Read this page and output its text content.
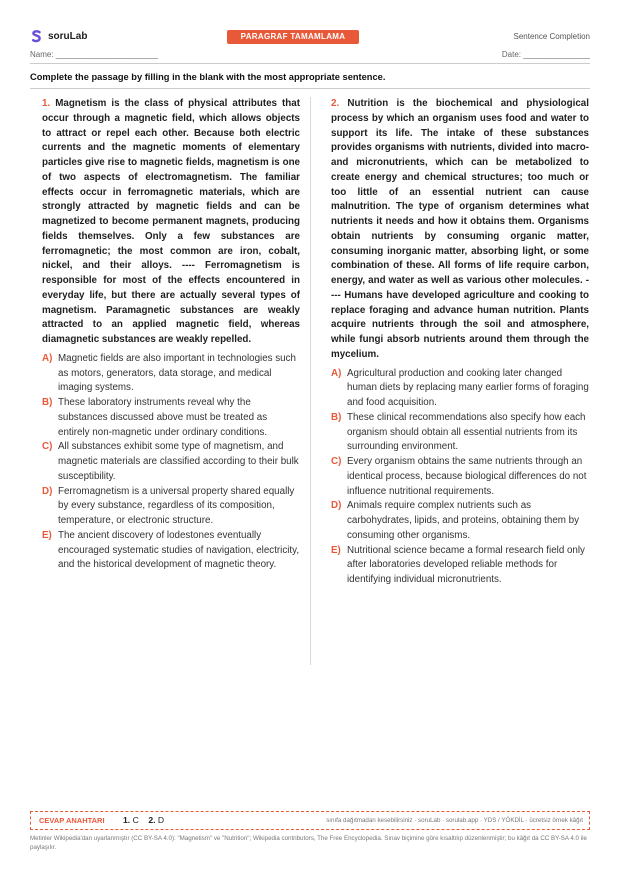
soruLab	PARAGRAF TAMAMLAMA	Sentence Completion
Name: _______________________	Date: _______________
Complete the passage by filling in the blank with the most appropriate sentence.

1. Magnetism is the class of physical attributes that occur through a magnetic field, which allows objects to attract or repel each other. Because both electric currents and the magnetic moments of elementary particles give rise to magnetic fields, magnetism is one of two aspects of electromagnetism. The familiar effects occur in ferromagnetic materials, which are strongly attracted by magnetic fields and can be magnetized to become permanent magnets, producing fields themselves. Only a few substances are ferromagnetic; the most common are iron, cobalt, nickel, and their alloys. ---- Ferromagnetism is responsible for most of the effects encountered in everyday life, but there are actually several types of magnetism. Paramagnetic substances are weakly attracted to an applied magnetic field, whereas diamagnetic substances are weakly repelled.

A) Magnetic fields are also important in technologies such as motors, generators, data storage, and medical imaging systems.
B) These laboratory instruments reveal why the substances discussed above must be treated as entirely non-magnetic under ordinary conditions.
C) All substances exhibit some type of magnetism, and magnetic materials are classified according to their bulk susceptibility.
D) Ferromagnetism is a universal property shared equally by every substance, regardless of its composition, temperature, or electronic structure.
E) The ancient discovery of lodestones eventually encouraged systematic studies of navigation, electricity, and the historical development of magnetic theory.

2. Nutrition is the biochemical and physiological process by which an organism uses food and water to support its life. The intake of these substances provides organisms with nutrients, divided into macro- and micronutrients, which can be metabolized to create energy and chemical structures; too much or too little of an essential nutrient can cause malnutrition. The type of organism determines what nutrients it needs and how it obtains them. Organisms obtain nutrients by consuming organic matter, consuming inorganic matter, absorbing light, or some combination of these. All forms of life require carbon, energy, and water as well as various other molecules. ---- Humans have developed agriculture and cooking to replace foraging and advance human nutrition. Plants acquire nutrients through the soil and atmosphere, while fungi absorb nutrients around them through the mycelium.

A) Agricultural production and cooking later changed human diets by replacing many earlier forms of foraging and food acquisition.
B) These clinical recommendations also specify how each organism should obtain all essential nutrients from its surrounding environment.
C) Every organism obtains the same nutrients through an identical process, because biological differences do not influence nutritional requirements.
D) Animals require complex nutrients such as carbohydrates, lipids, and proteins, obtaining them by consuming other organisms.
E) Nutritional science became a formal research field only after laboratories developed reliable methods for identifying individual micronutrients.
CEVAP ANAHTARI 1. C 2. D	sınıfa dağıtmadan kesebilirsiniz · soruLab · sorulab.app · YDS / YÖKDİL · ücretsiz örnek kâğıt
Metinler Wikipedia'dan uyarlanmıştır (CC BY-SA 4.0): "Magnetism" ve "Nutrition"; Wikipedia contributors, The Free Encyclopedia. Sınav biçimine göre kısaltılıp düzenlenmiştir; bu kâğıt da CC BY-SA 4.0 ile paylaşılır.
